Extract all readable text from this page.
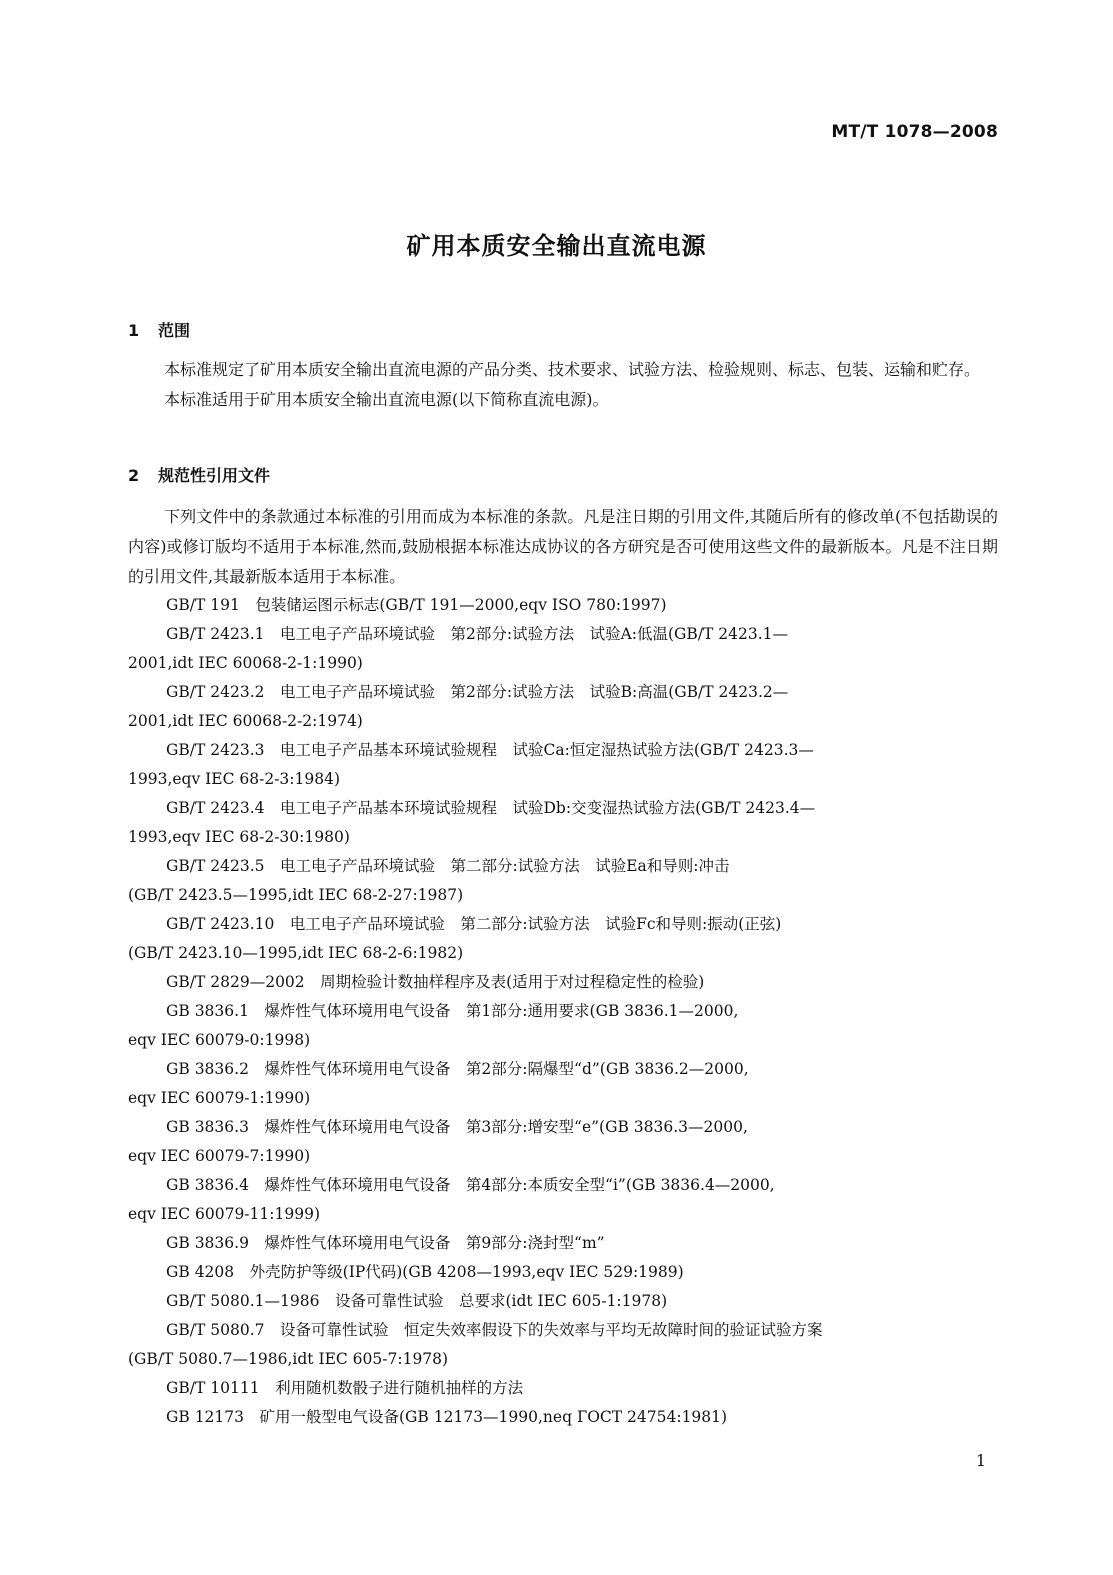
MT/T 1078—2008
矿用本质安全输出直流电源
1 范围

本标准规定了矿用本质安全输出直流电源的产品分类、技术要求、试验方法、检验规则、标志、包装、运输和贮存。

本标准适用于矿用本质安全输出直流电源(以下简称直流电源)。

2 规范性引用文件

下列文件中的条款通过本标准的引用而成为本标准的条款。凡是注日期的引用文件,其随后所有的修改单(不包括勘误的内容)或修订版均不适用于本标准,然而,鼓励根据本标准达成协议的各方研究是否可使用这些文件的最新版本。凡是不注日期的引用文件,其最新版本适用于本标准。

GB/T 191　包装储运图示标志(GB/T 191—2000,eqv ISO 780:1997)
GB/T 2423.1　电工电子产品环境试验　第2部分:试验方法　试验A:低温(GB/T 2423.1—
2001,idt IEC 60068-2-1:1990)
GB/T 2423.2　电工电子产品环境试验　第2部分:试验方法　试验B:高温(GB/T 2423.2—
2001,idt IEC 60068-2-2:1974)
GB/T 2423.3　电工电子产品基本环境试验规程　试验Ca:恒定湿热试验方法(GB/T 2423.3—
1993,eqv IEC 68-2-3:1984)
GB/T 2423.4　电工电子产品基本环境试验规程　试验Db:交变湿热试验方法(GB/T 2423.4—
1993,eqv IEC 68-2-30:1980)
GB/T 2423.5　电工电子产品环境试验　第二部分:试验方法　试验Ea和导则:冲击
(GB/T 2423.5—1995,idt IEC 68-2-27:1987)
GB/T 2423.10　电工电子产品环境试验　第二部分:试验方法　试验Fc和导则:振动(正弦)
(GB/T 2423.10—1995,idt IEC 68-2-6:1982)
GB/T 2829—2002　周期检验计数抽样程序及表(适用于对过程稳定性的检验)
GB 3836.1　爆炸性气体环境用电气设备　第1部分:通用要求(GB 3836.1—2000,
eqv IEC 60079-0:1998)
GB 3836.2　爆炸性气体环境用电气设备　第2部分:隔爆型“d”(GB 3836.2—2000,
eqv IEC 60079-1:1990)
GB 3836.3　爆炸性气体环境用电气设备　第3部分:增安型“e”(GB 3836.3—2000,
eqv IEC 60079-7:1990)
GB 3836.4　爆炸性气体环境用电气设备　第4部分:本质安全型“i”(GB 3836.4—2000,
eqv IEC 60079-11:1999)
GB 3836.9　爆炸性气体环境用电气设备　第9部分:浇封型“m”
GB 4208　外壳防护等级(IP代码)(GB 4208—1993,eqv IEC 529:1989)
GB/T 5080.1—1986　设备可靠性试验　总要求(idt IEC 605-1:1978)
GB/T 5080.7　设备可靠性试验　恒定失效率假设下的失效率与平均无故障时间的验证试验方案
(GB/T 5080.7—1986,idt IEC 605-7:1978)
GB/T 10111　利用随机数骰子进行随机抽样的方法
GB 12173　矿用一般型电气设备(GB 12173—1990,neq ГОСТ 24754:1981)
1
